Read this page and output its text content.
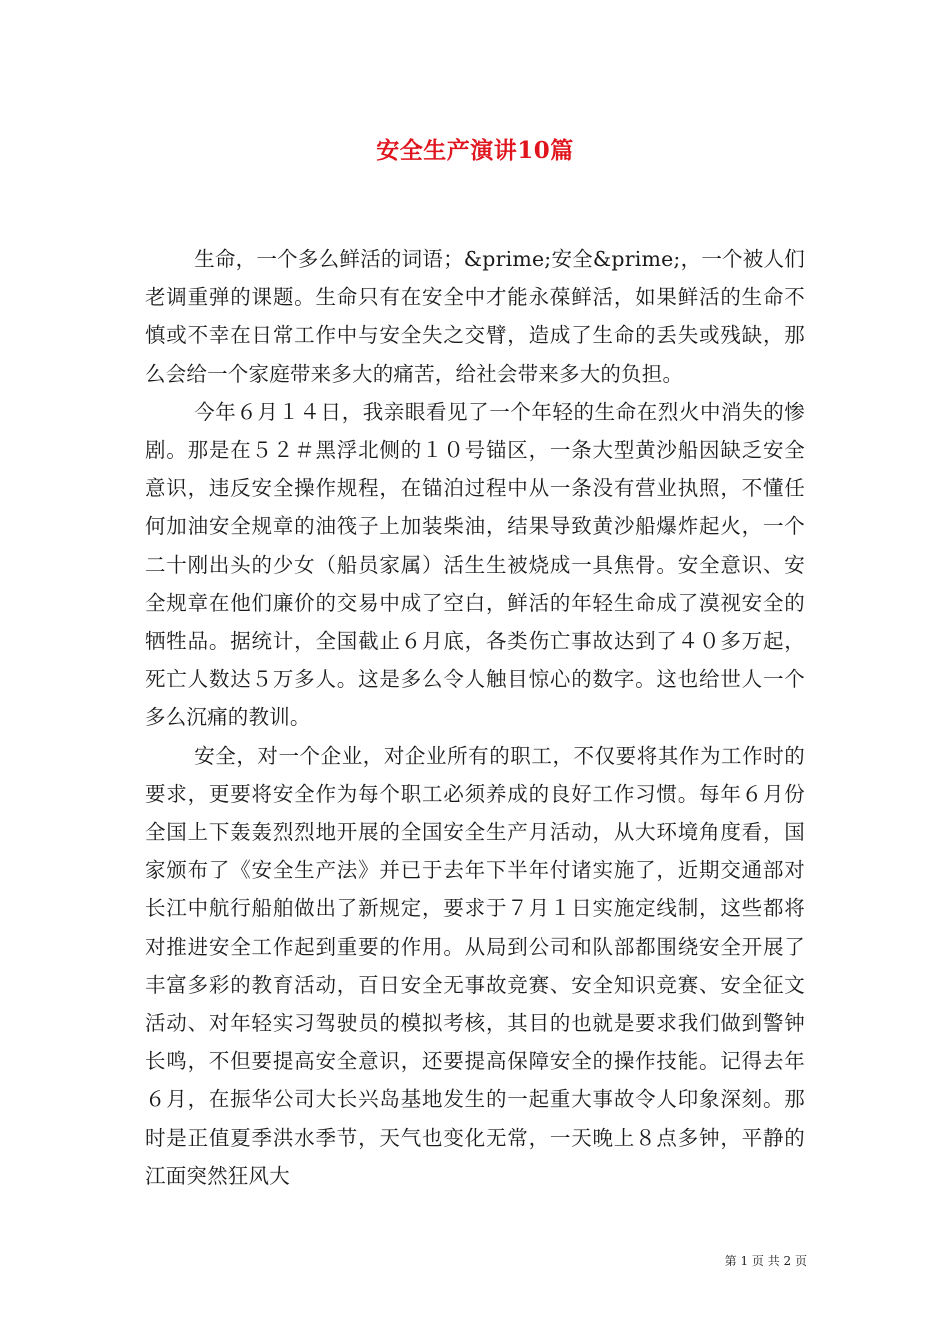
安全生产演讲10篇

生命，一个多么鲜活的词语；&prime;安全&prime;，一个被人们老调重弹的课题。生命只有在安全中才能永葆鲜活，如果鲜活的生命不慎或不幸在日常工作中与安全失之交臂，造成了生命的丢失或残缺，那么会给一个家庭带来多大的痛苦，给社会带来多大的负担。

今年６月１４日，我亲眼看见了一个年轻的生命在烈火中消失的惨剧。那是在５２＃黑浮北侧的１０号锚区，一条大型黄沙船因缺乏安全意识，违反安全操作规程，在锚泊过程中从一条没有营业执照，不懂任何加油安全规章的油筏子上加装柴油，结果导致黄沙船爆炸起火，一个二十刚出头的少女（船员家属）活生生被烧成一具焦骨。安全意识、安全规章在他们廉价的交易中成了空白，鲜活的年轻生命成了漠视安全的牺牲品。据统计，全国截止６月底，各类伤亡事故达到了４０多万起，死亡人数达５万多人。这是多么令人触目惊心的数字。这也给世人一个多么沉痛的教训。

安全，对一个企业，对企业所有的职工，不仅要将其作为工作时的要求，更要将安全作为每个职工必须养成的良好工作习惯。每年６月份全国上下轰轰烈烈地开展的全国安全生产月活动，从大环境角度看，国家颁布了《安全生产法》并已于去年下半年付诸实施了，近期交通部对长江中航行船舶做出了新规定，要求于７月１日实施定线制，这些都将对推进安全工作起到重要的作用。从局到公司和队部都围绕安全开展了丰富多彩的教育活动，百日安全无事故竞赛、安全知识竞赛、安全征文活动、对年轻实习驾驶员的模拟考核，其目的也就是要求我们做到警钟长鸣，不但要提高安全意识，还要提高保障安全的操作技能。记得去年６月，在振华公司大长兴岛基地发生的一起重大事故令人印象深刻。那时是正值夏季洪水季节，天气也变化无常，一天晚上８点多钟，平静的江面突然狂风大

第 1 页 共 2 页
